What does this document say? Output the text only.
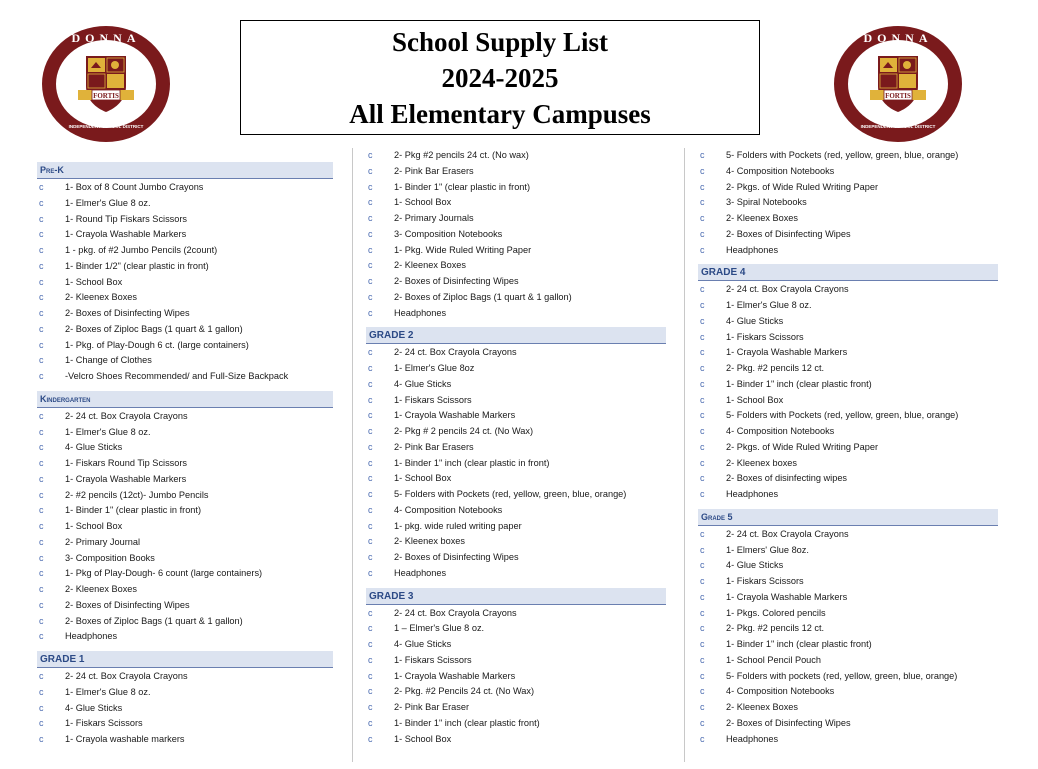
DONNA
FORTIS
INDEPENDENT SCHOOL DISTRICT
DONNA
FORTIS
INDEPENDENT SCHOOL DISTRICT
School Supply List
2024-2025
All Elementary Campuses
Pre-K
c	1- Box of 8 Count Jumbo Crayons
c	1- Elmer's Glue 8 oz.
c	1- Round Tip Fiskars Scissors
c	1- Crayola Washable Markers
c	1 - pkg. of #2 Jumbo Pencils (2count)
c	1- Binder 1/2" (clear plastic in front)
c	1- School Box
c	2- Kleenex Boxes
c	2- Boxes of Disinfecting Wipes
c	2- Boxes of Ziploc Bags (1 quart & 1 gallon)
c	1- Pkg. of Play-Dough 6 ct. (large containers)
c	1- Change of Clothes
c	-Velcro Shoes Recommended/ and Full-Size Backpack
Kindergarten
c	2- 24 ct. Box Crayola Crayons
c	1- Elmer's Glue 8 oz.
c	4- Glue Sticks
c	1- Fiskars Round Tip Scissors
c	1- Crayola Washable Markers
c	2- #2 pencils (12ct)- Jumbo Pencils
c	1- Binder 1" (clear plastic in front)
c	1- School Box
c	2- Primary Journal
c	3- Composition Books
c	1- Pkg of Play-Dough- 6 count (large containers)
c	2- Kleenex Boxes
c	2- Boxes of Disinfecting Wipes
c	2- Boxes of Ziploc Bags (1 quart & 1 gallon)
c	Headphones
GRADE 1
c	2- 24 ct. Box Crayola Crayons
c	1- Elmer's Glue 8 oz.
c	4- Glue Sticks
c	1- Fiskars Scissors
c	1- Crayola washable markers
c	2- Pkg #2 pencils 24 ct. (No wax)
c	2- Pink Bar Erasers
c	1- Binder 1" (clear plastic in front)
c	1- School Box
c	2- Primary Journals
c	3- Composition Notebooks
c	1- Pkg. Wide Ruled Writing Paper
c	2- Kleenex Boxes
c	2- Boxes of Disinfecting Wipes
c	2- Boxes of Ziploc Bags (1 quart & 1 gallon)
c	Headphones
GRADE 2
c	2- 24 ct. Box Crayola Crayons
c	1- Elmer's Glue 8oz
c	4- Glue Sticks
c	1- Fiskars Scissors
c	1- Crayola Washable Markers
c	2- Pkg # 2 pencils 24 ct. (No Wax)
c	2- Pink Bar Erasers
c	1- Binder 1" inch (clear plastic in front)
c	1- School Box
c	5- Folders with Pockets (red, yellow, green, blue, orange)
c	4- Composition Notebooks
c	1- pkg. wide ruled writing paper
c	2- Kleenex boxes
c	2- Boxes of Disinfecting Wipes
c	Headphones
GRADE 3
c	2- 24 ct. Box Crayola Crayons
c	1 – Elmer's Glue 8 oz.
c	4- Glue Sticks
c	1- Fiskars Scissors
c	1- Crayola Washable Markers
c	2- Pkg. #2 Pencils 24 ct. (No Wax)
c	2- Pink Bar Eraser
c	1- Binder 1" inch (clear plastic front)
c	1- School Box
c	5- Folders with Pockets (red, yellow, green, blue, orange)
c	4- Composition Notebooks
c	2- Pkgs. of Wide Ruled Writing Paper
c	3- Spiral Notebooks
c	2- Kleenex Boxes
c	2- Boxes of Disinfecting Wipes
c	Headphones
GRADE 4
c	2- 24 ct. Box Crayola Crayons
c	1- Elmer's Glue 8 oz.
c	4- Glue Sticks
c	1- Fiskars Scissors
c	1- Crayola Washable Markers
c	2- Pkg. #2 pencils 12 ct.
c	1- Binder 1" inch (clear plastic front)
c	1- School Box
c	5- Folders with Pockets (red, yellow, green, blue, orange)
c	4- Composition Notebooks
c	2- Pkgs. of Wide Ruled Writing Paper
c	2- Kleenex boxes
c	2- Boxes of disinfecting wipes
c	Headphones
Grade 5
c	2- 24 ct. Box Crayola Crayons
c	1- Elmers' Glue 8oz.
c	4- Glue Sticks
c	1- Fiskars Scissors
c	1- Crayola Washable Markers
c	1- Pkgs. Colored pencils
c	2- Pkg. #2 pencils 12 ct.
c	1- Binder 1" inch (clear plastic front)
c	1- School Pencil Pouch
c	5- Folders with pockets (red, yellow, green, blue, orange)
c	4- Composition Notebooks
c	2- Kleenex Boxes
c	2- Boxes of Disinfecting Wipes
c	Headphones
